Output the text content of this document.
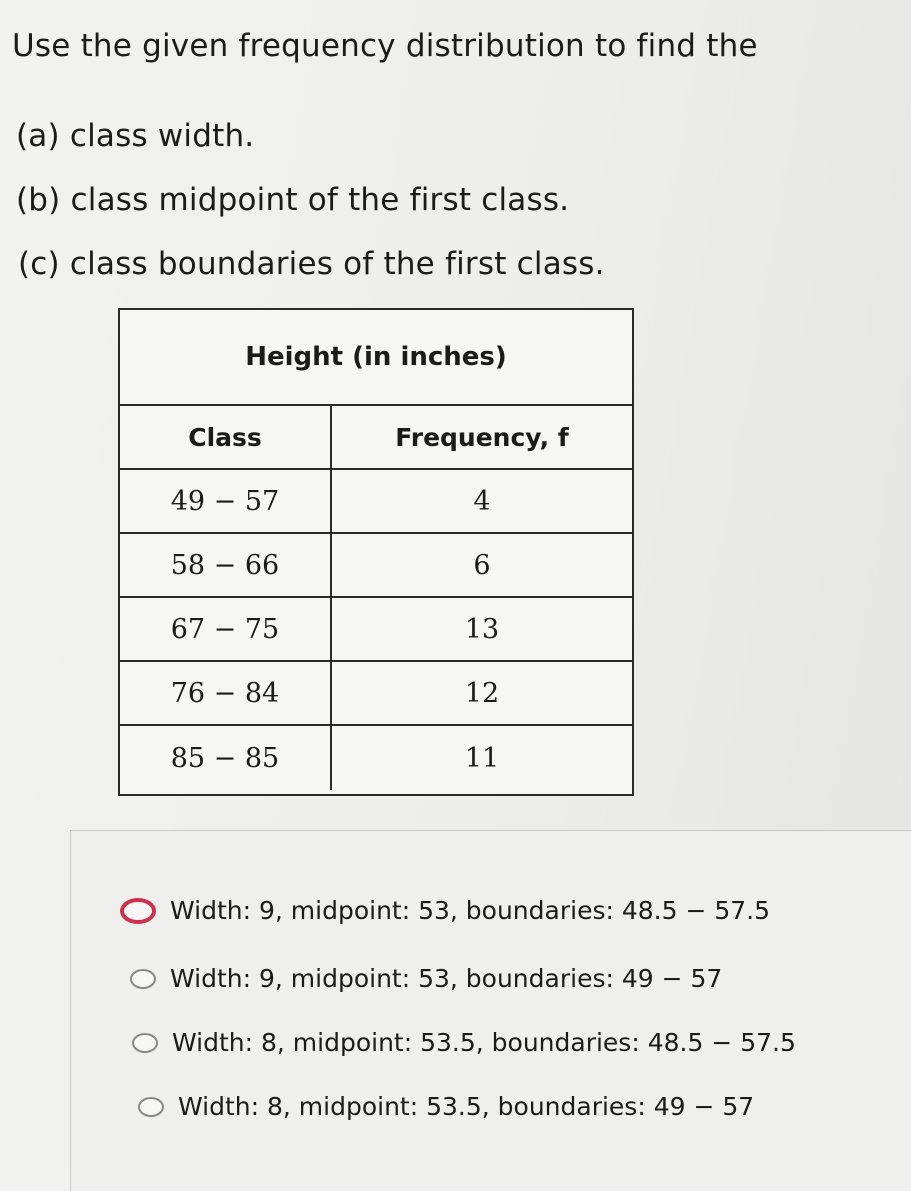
Use the given frequency distribution to find the
(a) class width.
(b) class midpoint of the first class.
(c) class boundaries of the first class.
Height (in inches)
Class	Frequency, f
49 − 57	4
58 − 66	6
67 − 75	13
76 − 84	12
85 − 85	11
Width: 9, midpoint: 53, boundaries: 48.5 − 57.5
Width: 9, midpoint: 53, boundaries: 49 − 57
Width: 8, midpoint: 53.5, boundaries: 48.5 − 57.5
Width: 8, midpoint: 53.5, boundaries: 49 − 57
